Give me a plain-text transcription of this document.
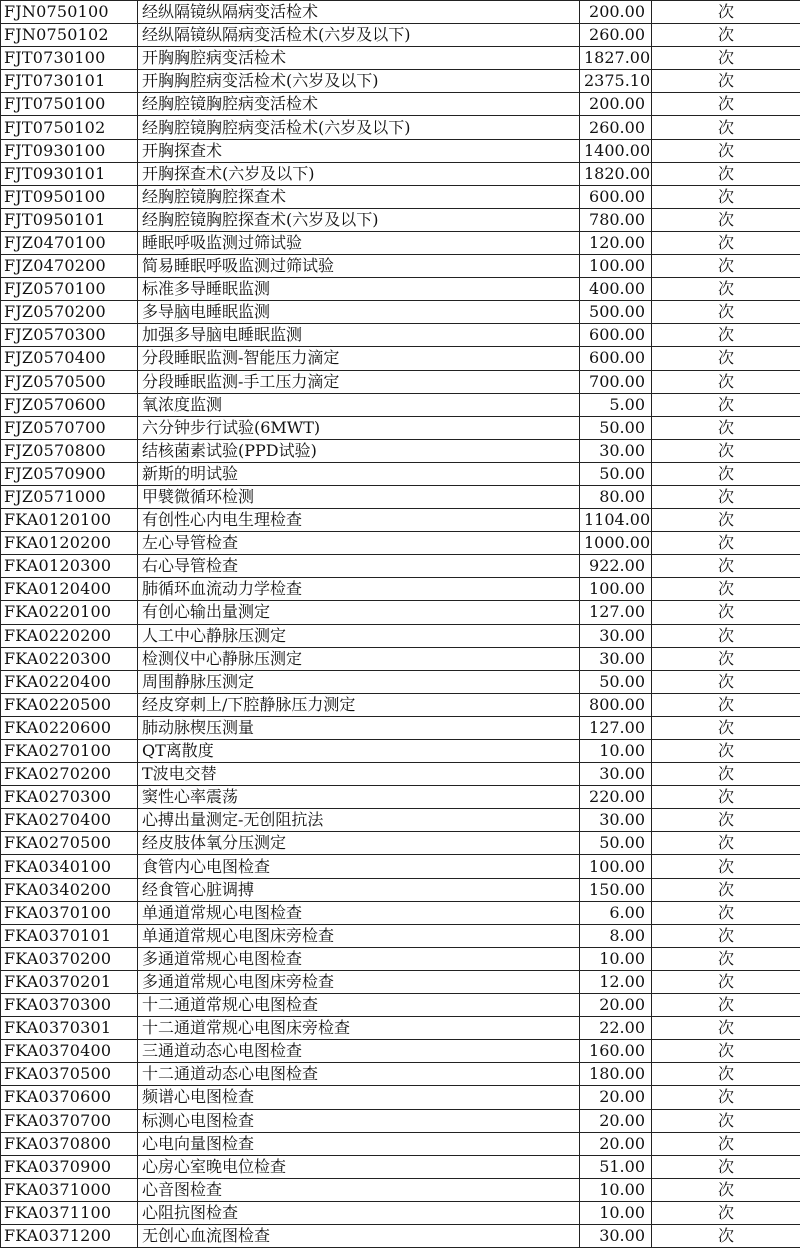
FJN0750100	经纵隔镜纵隔病变活检术	200.00	次
FJN0750102	经纵隔镜纵隔病变活检术(六岁及以下)	260.00	次
FJT0730100	开胸胸腔病变活检术	1827.00	次
FJT0730101	开胸胸腔病变活检术(六岁及以下)	2375.10	次
FJT0750100	经胸腔镜胸腔病变活检术	200.00	次
FJT0750102	经胸腔镜胸腔病变活检术(六岁及以下)	260.00	次
FJT0930100	开胸探查术	1400.00	次
FJT0930101	开胸探查术(六岁及以下)	1820.00	次
FJT0950100	经胸腔镜胸腔探查术	600.00	次
FJT0950101	经胸腔镜胸腔探查术(六岁及以下)	780.00	次
FJZ0470100	睡眠呼吸监测过筛试验	120.00	次
FJZ0470200	简易睡眠呼吸监测过筛试验	100.00	次
FJZ0570100	标准多导睡眠监测	400.00	次
FJZ0570200	多导脑电睡眠监测	500.00	次
FJZ0570300	加强多导脑电睡眠监测	600.00	次
FJZ0570400	分段睡眠监测-智能压力滴定	600.00	次
FJZ0570500	分段睡眠监测-手工压力滴定	700.00	次
FJZ0570600	氧浓度监测	5.00	次
FJZ0570700	六分钟步行试验(6MWT)	50.00	次
FJZ0570800	结核菌素试验(PPD试验)	30.00	次
FJZ0570900	新斯的明试验	50.00	次
FJZ0571000	甲襞微循环检测	80.00	次
FKA0120100	有创性心内电生理检查	1104.00	次
FKA0120200	左心导管检查	1000.00	次
FKA0120300	右心导管检查	922.00	次
FKA0120400	肺循环血流动力学检查	100.00	次
FKA0220100	有创心输出量测定	127.00	次
FKA0220200	人工中心静脉压测定	30.00	次
FKA0220300	检测仪中心静脉压测定	30.00	次
FKA0220400	周围静脉压测定	50.00	次
FKA0220500	经皮穿刺上/下腔静脉压力测定	800.00	次
FKA0220600	肺动脉楔压测量	127.00	次
FKA0270100	QT离散度	10.00	次
FKA0270200	T波电交替	30.00	次
FKA0270300	窦性心率震荡	220.00	次
FKA0270400	心搏出量测定-无创阻抗法	30.00	次
FKA0270500	经皮肢体氧分压测定	50.00	次
FKA0340100	食管内心电图检查	100.00	次
FKA0340200	经食管心脏调搏	150.00	次
FKA0370100	单通道常规心电图检查	6.00	次
FKA0370101	单通道常规心电图床旁检查	8.00	次
FKA0370200	多通道常规心电图检查	10.00	次
FKA0370201	多通道常规心电图床旁检查	12.00	次
FKA0370300	十二通道常规心电图检查	20.00	次
FKA0370301	十二通道常规心电图床旁检查	22.00	次
FKA0370400	三通道动态心电图检查	160.00	次
FKA0370500	十二通道动态心电图检查	180.00	次
FKA0370600	频谱心电图检查	20.00	次
FKA0370700	标测心电图检查	20.00	次
FKA0370800	心电向量图检查	20.00	次
FKA0370900	心房心室晚电位检查	51.00	次
FKA0371000	心音图检查	10.00	次
FKA0371100	心阻抗图检查	10.00	次
FKA0371200	无创心血流图检查	30.00	次
